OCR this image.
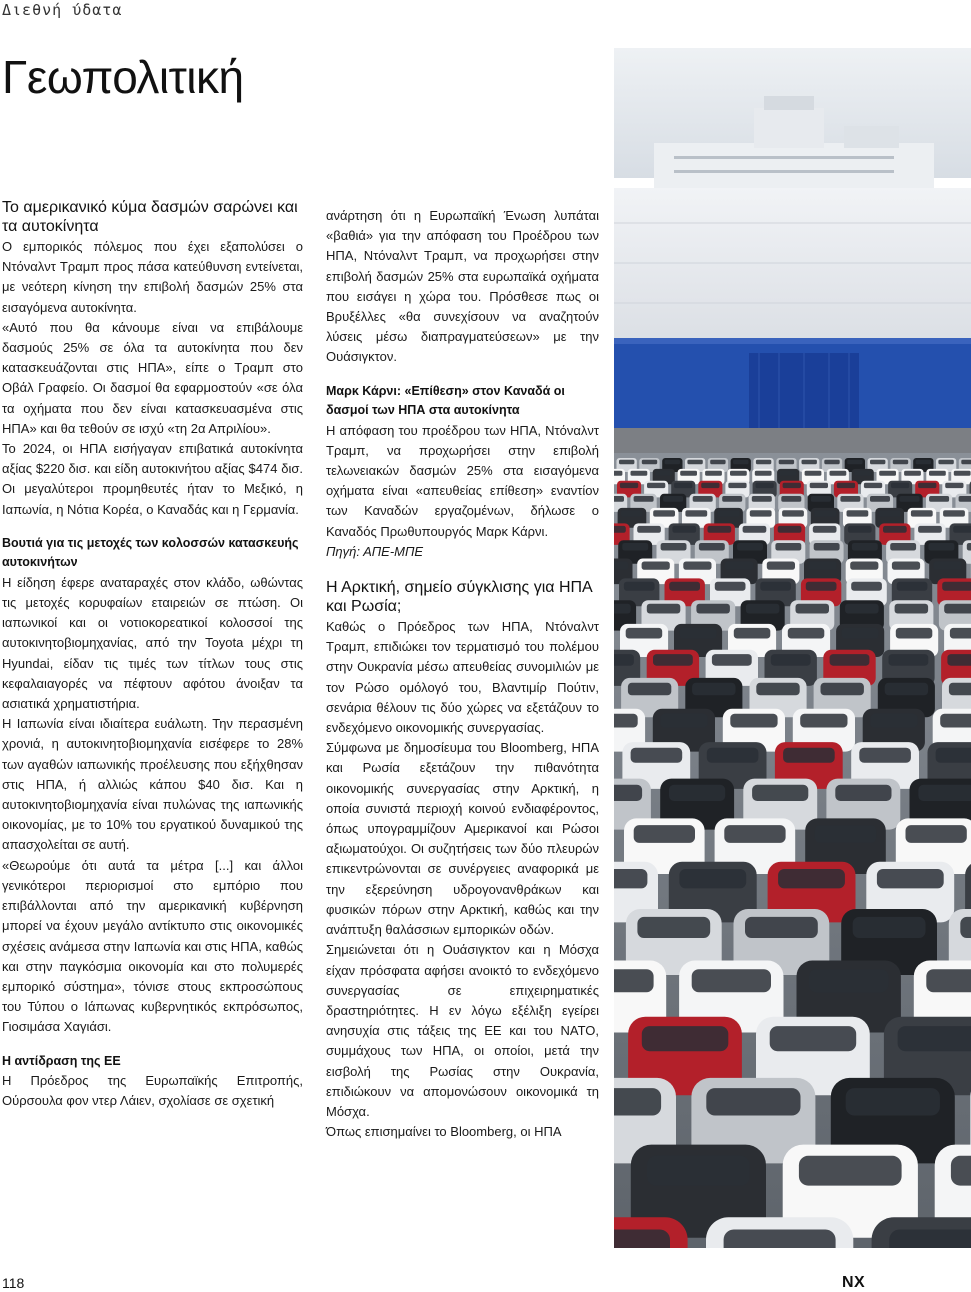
Διεθνή ύδατα
Γεωπολιτική
Το αμερικανικό κύμα δασμών σαρώνει και τα αυτοκίνητα

Ο εμπορικός πόλεμος που έχει εξαπολύσει ο Ντόναλντ Τραμπ προς πάσα κατεύθυνση εντείνεται, με νεότερη κίνηση την επιβολή δασμών 25% στα εισαγόμενα αυτοκίνητα.

«Αυτό που θα κάνουμε είναι να επιβάλουμε δασμούς 25% σε όλα τα αυτοκίνητα που δεν κατασκευάζονται στις ΗΠΑ», είπε ο Τραμπ στο Οβάλ Γραφείο. Οι δασμοί θα εφαρμοστούν «σε όλα τα οχήματα που δεν είναι κατασκευασμένα στις ΗΠΑ» και θα τεθούν σε ισχύ «τη 2α Απριλίου».

Το 2024, οι ΗΠΑ εισήγαγαν επιβατικά αυτοκίνητα αξίας $220 δισ. και είδη αυτοκινήτου αξίας $474 δισ. Οι μεγαλύτεροι προμηθευτές ήταν το Μεξικό, η Ιαπωνία, η Νότια Κορέα, ο Καναδάς και η Γερμανία.

Βουτιά για τις μετοχές των κολοσσών κατασκευής αυτοκινήτων

Η είδηση έφερε αναταραχές στον κλάδο, ωθώντας τις μετοχές κορυφαίων εταιρειών σε πτώση. Οι ιαπωνικοί και οι νοτιοκορεατικοί κολοσσοί της αυτοκινητοβιομηχανίας, από την Toyota μέχρι τη Hyundai, είδαν τις τιμές των τίτλων τους στις κεφαλαιαγορές να πέφτουν αφότου άνοιξαν τα ασιατικά χρηματιστήρια.

Η Ιαπωνία είναι ιδιαίτερα ευάλωτη. Την περασμένη χρονιά, η αυτοκινητοβιομηχανία εισέφερε το 28% των αγαθών ιαπωνικής προέλευσης που εξήχθησαν στις ΗΠΑ, ή αλλιώς κάπου $40 δισ. Και η αυτοκινητοβιομηχανία είναι πυλώνας της ιαπωνικής οικονομίας, με το 10% του εργατικού δυναμικού της απασχολείται σε αυτή.

«Θεωρούμε ότι αυτά τα μέτρα [...] και άλλοι γενικότεροι περιορισμοί στο εμπόριο που επιβάλλονται από την αμερικανική κυβέρνηση μπορεί να έχουν μεγάλο αντίκτυπο στις οικονομικές σχέσεις ανάμεσα στην Ιαπωνία και στις ΗΠΑ, καθώς και στην παγκόσμια οικονομία και στο πολυμερές εμπορικό σύστημα», τόνισε στους εκπροσώπους του Τύπου ο Ιάπωνας κυβερνητικός εκπρόσωπος, Γιοσιμάσα Χαγιάσι.

Η αντίδραση της ΕΕ

Η Πρόεδρος της Ευρωπαϊκής Επιτροπής, Ούρσουλα φον ντερ Λάιεν, σχολίασε σε σχετική

ανάρτηση ότι η Ευρωπαϊκή Ένωση λυπάται «βαθιά» για την απόφαση του Προέδρου των ΗΠΑ, Ντόναλντ Τραμπ, να προχωρήσει στην επιβολή δασμών 25% στα ευρωπαϊκά οχήματα που εισάγει η χώρα του. Πρόσθεσε πως οι Βρυξέλλες «θα συνεχίσουν να αναζητούν λύσεις μέσω διαπραγματεύσεων» με την Ουάσιγκτον.

Μαρκ Κάρνι: «Επίθεση» στον Καναδά οι δασμοί των ΗΠΑ στα αυτοκίνητα

Η απόφαση του προέδρου των ΗΠΑ, Ντόναλντ Τραμπ, να προχωρήσει στην επιβολή τελωνειακών δασμών 25% στα εισαγόμενα οχήματα είναι «απευθείας επίθεση» εναντίον των Καναδών εργαζομένων, δήλωσε ο Καναδός Πρωθυπουργός Μαρκ Κάρνι.

Πηγή: ΑΠΕ-ΜΠΕ

Η Αρκτική, σημείο σύγκλισης για ΗΠΑ και Ρωσία;

Καθώς ο Πρόεδρος των ΗΠΑ, Ντόναλντ Τραμπ, επιδιώκει τον τερματισμό του πολέμου στην Ουκρανία μέσω απευθείας συνομιλιών με τον Ρώσο ομόλογό του, Βλαντιμίρ Πούτιν, σενάρια θέλουν τις δύο χώρες να εξετάζουν το ενδεχόμενο οικονομικής συνεργασίας.

Σύμφωνα με δημοσίευμα του Bloomberg, ΗΠΑ και Ρωσία εξετάζουν την πιθανότητα οικονομικής συνεργασίας στην Αρκτική, η οποία συνιστά περιοχή κοινού ενδιαφέροντος, όπως υπογραμμίζουν Αμερικανοί και Ρώσοι αξιωματούχοι. Οι συζητήσεις των δύο πλευρών επικεντρώνονται σε συνέργειες αναφορικά με την εξερεύνηση υδρογονανθράκων και φυσικών πόρων στην Αρκτική, καθώς και την ανάπτυξη θαλάσσιων εμπορικών οδών.

Σημειώνεται ότι η Ουάσιγκτον και η Μόσχα είχαν πρόσφατα αφήσει ανοικτό το ενδεχόμενο συνεργασίας σε επιχειρηματικές δραστηριότητες. Η εν λόγω εξέλιξη εγείρει ανησυχία στις τάξεις της ΕΕ και του ΝΑΤΟ, συμμάχους των ΗΠΑ, οι οποίοι, μετά την εισβολή της Ρωσίας στην Ουκρανία, επιδιώκουν να απομονώσουν οικονομικά τη Μόσχα.

Όπως επισημαίνει το Bloomberg, οι ΗΠΑ

118	NX
